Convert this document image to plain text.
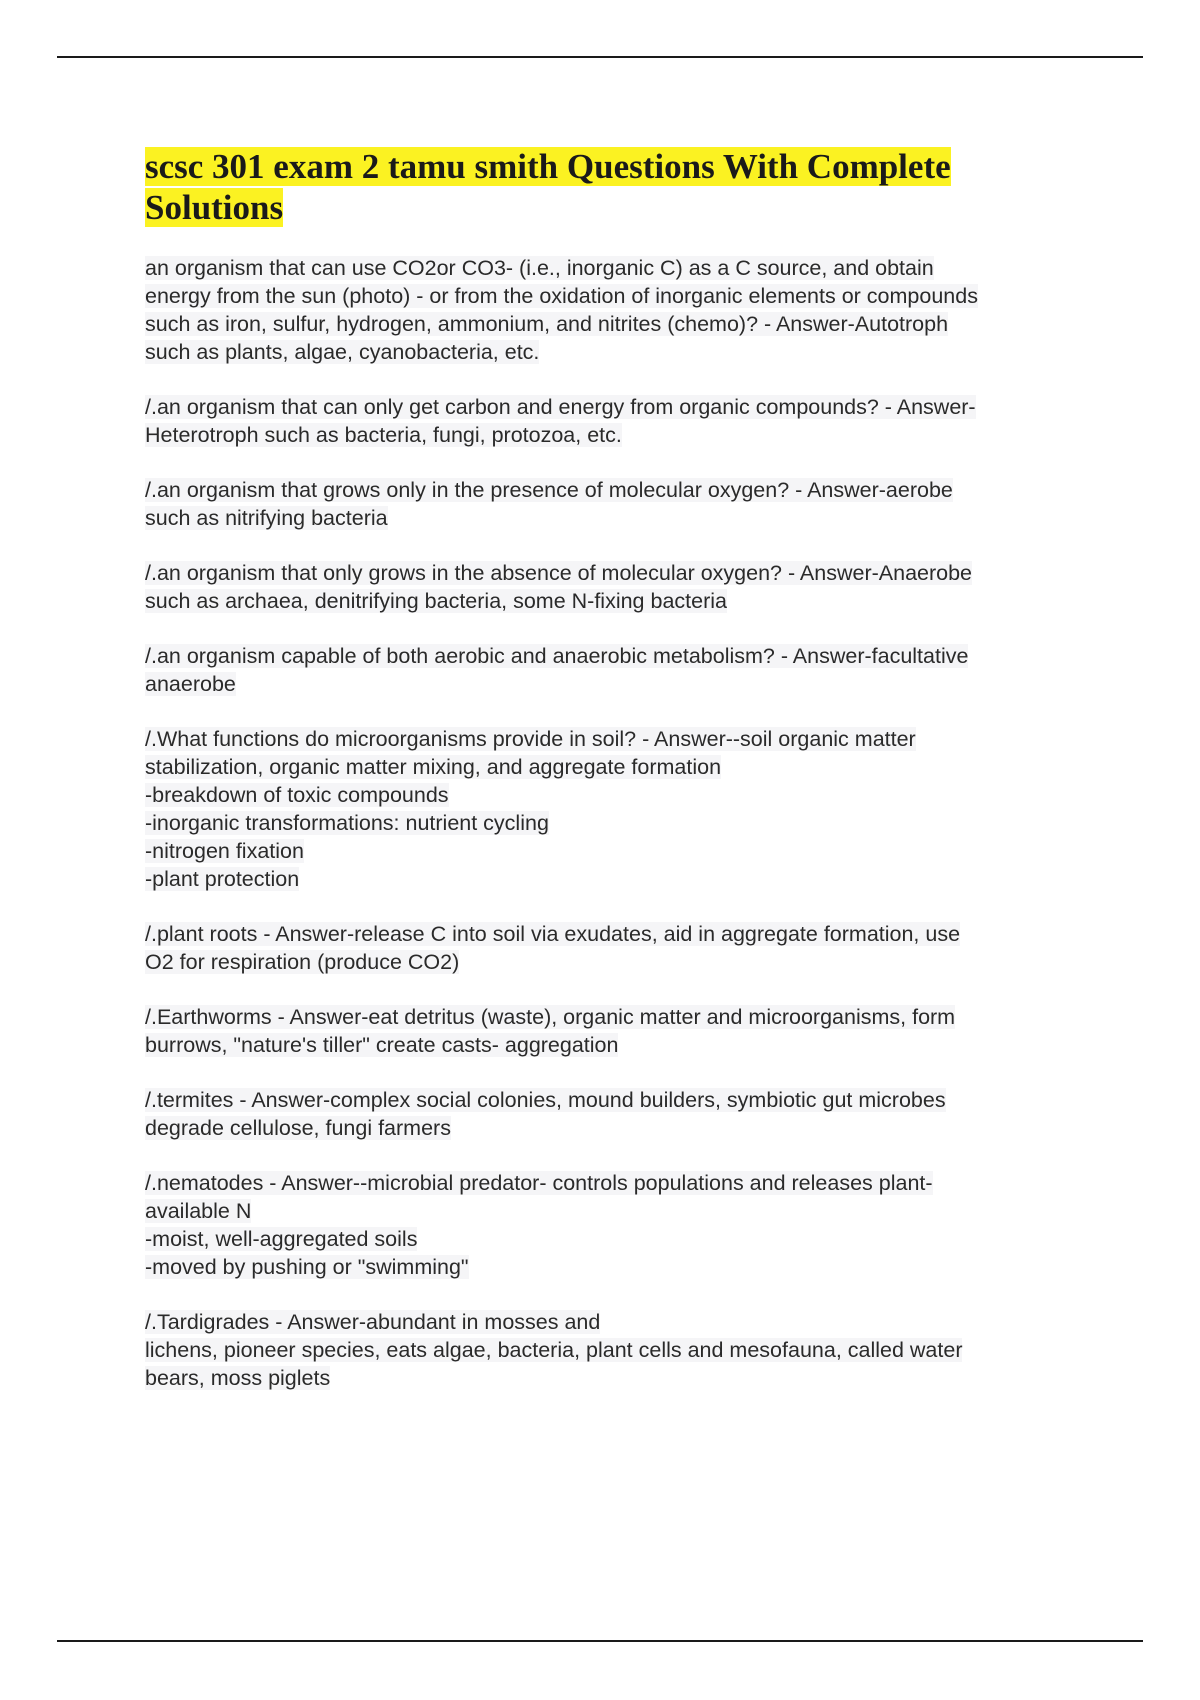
scsc 301 exam 2 tamu smith Questions With Complete
Solutions
an organism that can use CO2or CO3- (i.e., inorganic C) as a C source, and obtain
energy from the sun (photo) - or from the oxidation of inorganic elements or compounds
such as iron, sulfur, hydrogen, ammonium, and nitrites (chemo)? - Answer-Autotroph
such as plants, algae, cyanobacteria, etc.
/.an organism that can only get carbon and energy from organic compounds? - Answer-
Heterotroph such as bacteria, fungi, protozoa, etc.
/.an organism that grows only in the presence of molecular oxygen? - Answer-aerobe
such as nitrifying bacteria
/.an organism that only grows in the absence of molecular oxygen? - Answer-Anaerobe
such as archaea, denitrifying bacteria, some N-fixing bacteria
/.an organism capable of both aerobic and anaerobic metabolism? - Answer-facultative
anaerobe
/.What functions do microorganisms provide in soil? - Answer--soil organic matter
stabilization, organic matter mixing, and aggregate formation
-breakdown of toxic compounds
-inorganic transformations: nutrient cycling
-nitrogen fixation
-plant protection
/.plant roots - Answer-release C into soil via exudates, aid in aggregate formation, use
O2 for respiration (produce CO2)
/.Earthworms - Answer-eat detritus (waste), organic matter and microorganisms, form
burrows, "nature's tiller" create casts- aggregation
/.termites - Answer-complex social colonies, mound builders, symbiotic gut microbes
degrade cellulose, fungi farmers
/.nematodes - Answer--microbial predator- controls populations and releases plant-
available N
-moist, well-aggregated soils
-moved by pushing or "swimming"
/.Tardigrades - Answer-abundant in mosses and
lichens, pioneer species, eats algae, bacteria, plant cells and mesofauna, called water
bears, moss piglets
